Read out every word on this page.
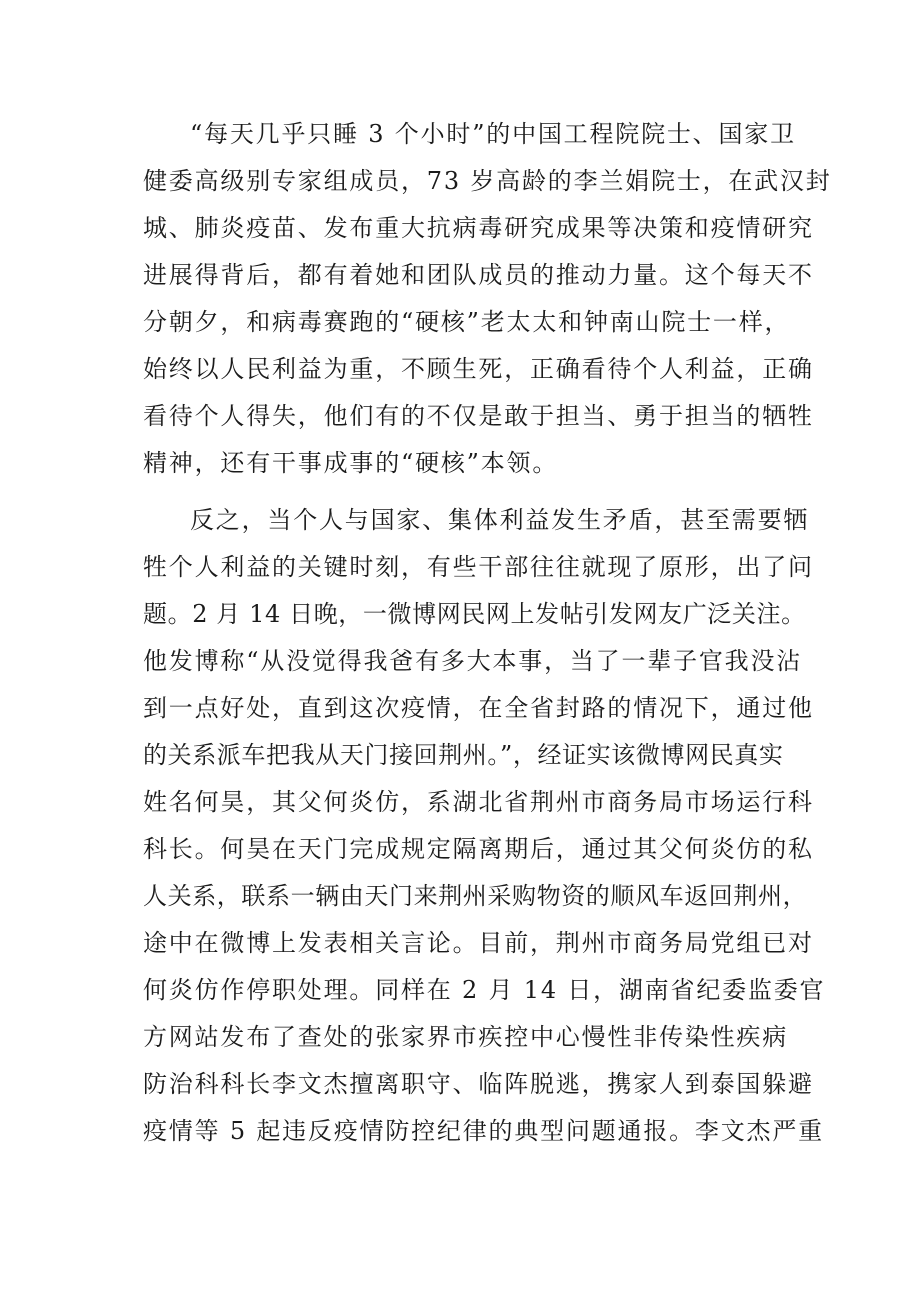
“每天几乎只睡 3 个小时”的中国工程院院士、国家卫
健委高级别专家组成员，73 岁高龄的李兰娟院士，在武汉封
城、肺炎疫苗、发布重大抗病毒研究成果等决策和疫情研究
进展得背后，都有着她和团队成员的推动力量。这个每天不
分朝夕，和病毒赛跑的“硬核”老太太和钟南山院士一样，
始终以人民利益为重，不顾生死，正确看待个人利益，正确
看待个人得失，他们有的不仅是敢于担当、勇于担当的牺牲
精神，还有干事成事的“硬核”本领。
反之，当个人与国家、集体利益发生矛盾，甚至需要牺
牲个人利益的关键时刻，有些干部往往就现了原形，出了问
题。2 月 14 日晚，一微博网民网上发帖引发网友广泛关注。
他发博称“从没觉得我爸有多大本事，当了一辈子官我没沾
到一点好处，直到这次疫情，在全省封路的情况下，通过他
的关系派车把我从天门接回荆州。”，经证实该微博网民真实
姓名何昊，其父何炎仿，系湖北省荆州市商务局市场运行科
科长。何昊在天门完成规定隔离期后，通过其父何炎仿的私
人关系，联系一辆由天门来荆州采购物资的顺风车返回荆州，
途中在微博上发表相关言论。目前，荆州市商务局党组已对
何炎仿作停职处理。同样在 2 月 14 日，湖南省纪委监委官
方网站发布了查处的张家界市疾控中心慢性非传染性疾病
防治科科长李文杰擅离职守、临阵脱逃，携家人到泰国躲避
疫情等 5 起违反疫情防控纪律的典型问题通报。李文杰严重
